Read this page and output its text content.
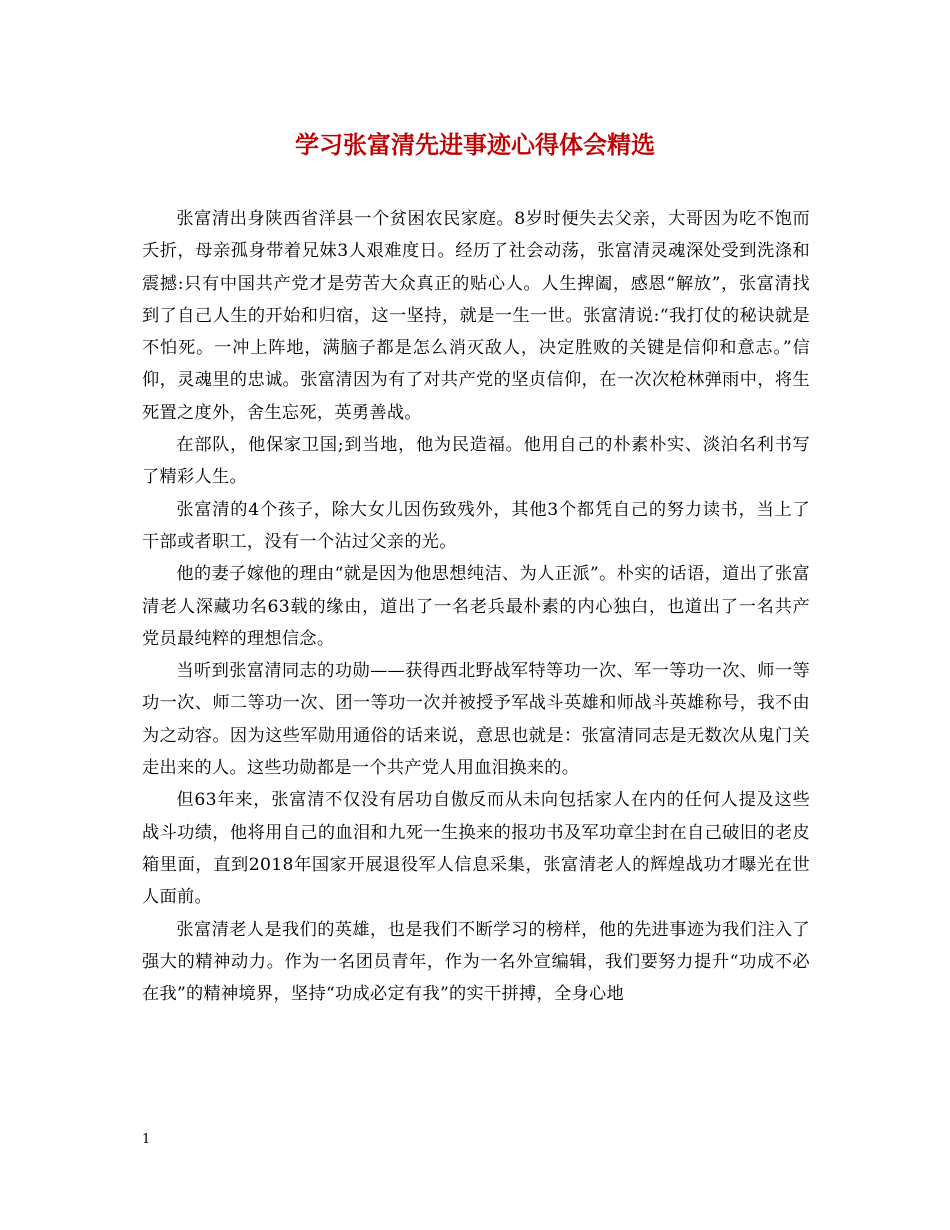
学习张富清先进事迹心得体会精选

张富清出身陕西省洋县一个贫困农民家庭。8岁时便失去父亲，大哥因为吃不饱而夭折，母亲孤身带着兄妹3人艰难度日。经历了社会动荡，张富清灵魂深处受到洗涤和震撼:只有中国共产党才是劳苦大众真正的贴心人。人生捭阖，感恩“解放”，张富清找到了自己人生的开始和归宿，这一坚持，就是一生一世。张富清说:“我打仗的秘诀就是不怕死。一冲上阵地，满脑子都是怎么消灭敌人，决定胜败的关键是信仰和意志。”信仰，灵魂里的忠诚。张富清因为有了对共产党的坚贞信仰，在一次次枪林弹雨中，将生死置之度外，舍生忘死，英勇善战。

在部队，他保家卫国;到当地，他为民造福。他用自己的朴素朴实、淡泊名利书写了精彩人生。

张富清的4个孩子，除大女儿因伤致残外，其他3个都凭自己的努力读书，当上了干部或者职工，没有一个沾过父亲的光。

他的妻子嫁他的理由“就是因为他思想纯洁、为人正派”。朴实的话语，道出了张富清老人深藏功名63载的缘由，道出了一名老兵最朴素的内心独白，也道出了一名共产党员最纯粹的理想信念。

当听到张富清同志的功勋——获得西北野战军特等功一次、军一等功一次、师一等功一次、师二等功一次、团一等功一次并被授予军战斗英雄和师战斗英雄称号，我不由为之动容。因为这些军勋用通俗的话来说，意思也就是：张富清同志是无数次从鬼门关走出来的人。这些功勋都是一个共产党人用血泪换来的。

但63年来，张富清不仅没有居功自傲反而从未向包括家人在内的任何人提及这些战斗功绩，他将用自己的血泪和九死一生换来的报功书及军功章尘封在自己破旧的老皮箱里面，直到2018年国家开展退役军人信息采集，张富清老人的辉煌战功才曝光在世人面前。

张富清老人是我们的英雄，也是我们不断学习的榜样，他的先进事迹为我们注入了强大的精神动力。作为一名团员青年，作为一名外宣编辑，我们要努力提升“功成不必在我”的精神境界，坚持“功成必定有我”的实干拼搏，全身心地

1
